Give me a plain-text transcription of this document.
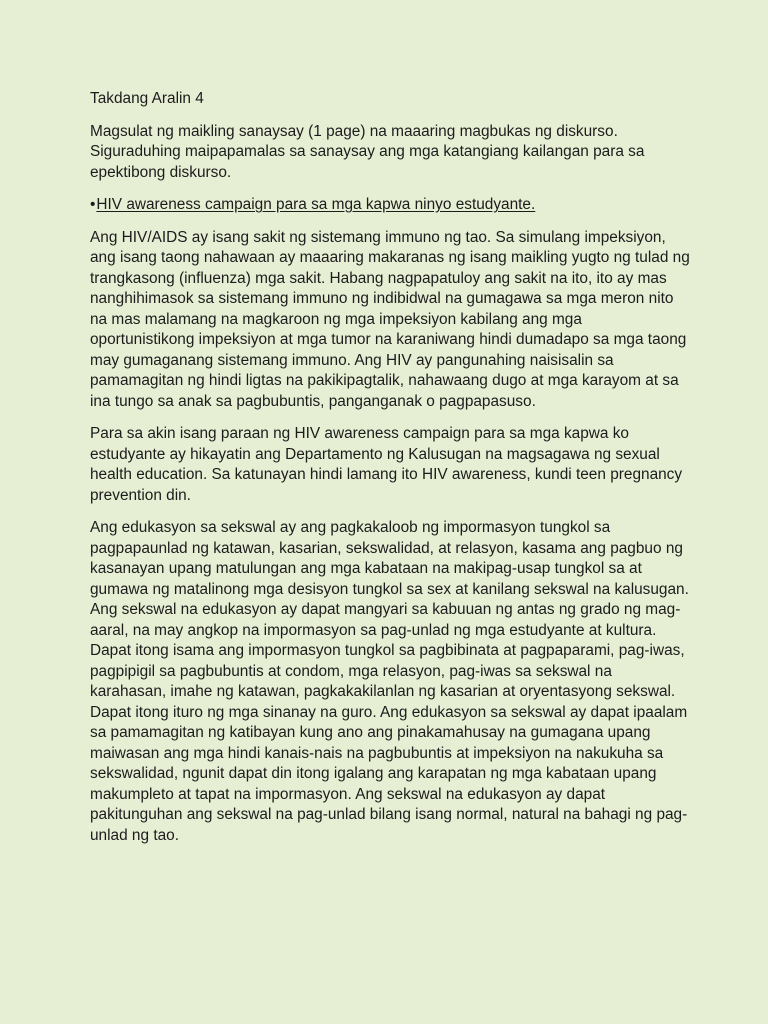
Takdang Aralin 4
Magsulat ng maikling sanaysay (1 page) na maaaring magbukas ng diskurso.
Siguraduhing maipapamalas sa sanaysay ang mga katangiang kailangan para sa
epektibong diskurso.
•HIV awareness campaign para sa mga kapwa ninyo estudyante.
Ang HIV/AIDS ay isang sakit ng sistemang immuno ng tao. Sa simulang impeksiyon,
ang isang taong nahawaan ay maaaring makaranas ng isang maikling yugto ng tulad ng
trangkasong (influenza) mga sakit. Habang nagpapatuloy ang sakit na ito, ito ay mas
nanghihimasok sa sistemang immuno ng indibidwal na gumagawa sa mga meron nito
na mas malamang na magkaroon ng mga impeksiyon kabilang ang mga
oportunistikong impeksiyon at mga tumor na karaniwang hindi dumadapo sa mga taong
may gumaganang sistemang immuno. Ang HIV ay pangunahing naisisalin sa
pamamagitan ng hindi ligtas na pakikipagtalik, nahawaang dugo at mga karayom at sa
ina tungo sa anak sa pagbubuntis, panganganak o pagpapasuso.
Para sa akin isang paraan ng HIV awareness campaign para sa mga kapwa ko
estudyante ay hikayatin ang Departamento ng Kalusugan na magsagawa ng sexual
health education. Sa katunayan hindi lamang ito HIV awareness, kundi teen pregnancy
prevention din.
Ang edukasyon sa sekswal ay ang pagkakaloob ng impormasyon tungkol sa
pagpapaunlad ng katawan, kasarian, sekswalidad, at relasyon, kasama ang pagbuo ng
kasanayan upang matulungan ang mga kabataan na makipag-usap tungkol sa at
gumawa ng matalinong mga desisyon tungkol sa sex at kanilang sekswal na kalusugan.
Ang sekswal na edukasyon ay dapat mangyari sa kabuuan ng antas ng grado ng mag-
aaral, na may angkop na impormasyon sa pag-unlad ng mga estudyante at kultura.
Dapat itong isama ang impormasyon tungkol sa pagbibinata at pagpaparami, pag-iwas,
pagpipigil sa pagbubuntis at condom, mga relasyon, pag-iwas sa sekswal na
karahasan, imahe ng katawan, pagkakakilanlan ng kasarian at oryentasyong sekswal.
Dapat itong ituro ng mga sinanay na guro. Ang edukasyon sa sekswal ay dapat ipaalam
sa pamamagitan ng katibayan kung ano ang pinakamahusay na gumagana upang
maiwasan ang mga hindi kanais-nais na pagbubuntis at impeksiyon na nakukuha sa
sekswalidad, ngunit dapat din itong igalang ang karapatan ng mga kabataan upang
makumpleto at tapat na impormasyon. Ang sekswal na edukasyon ay dapat
pakitunguhan ang sekswal na pag-unlad bilang isang normal, natural na bahagi ng pag-
unlad ng tao.
